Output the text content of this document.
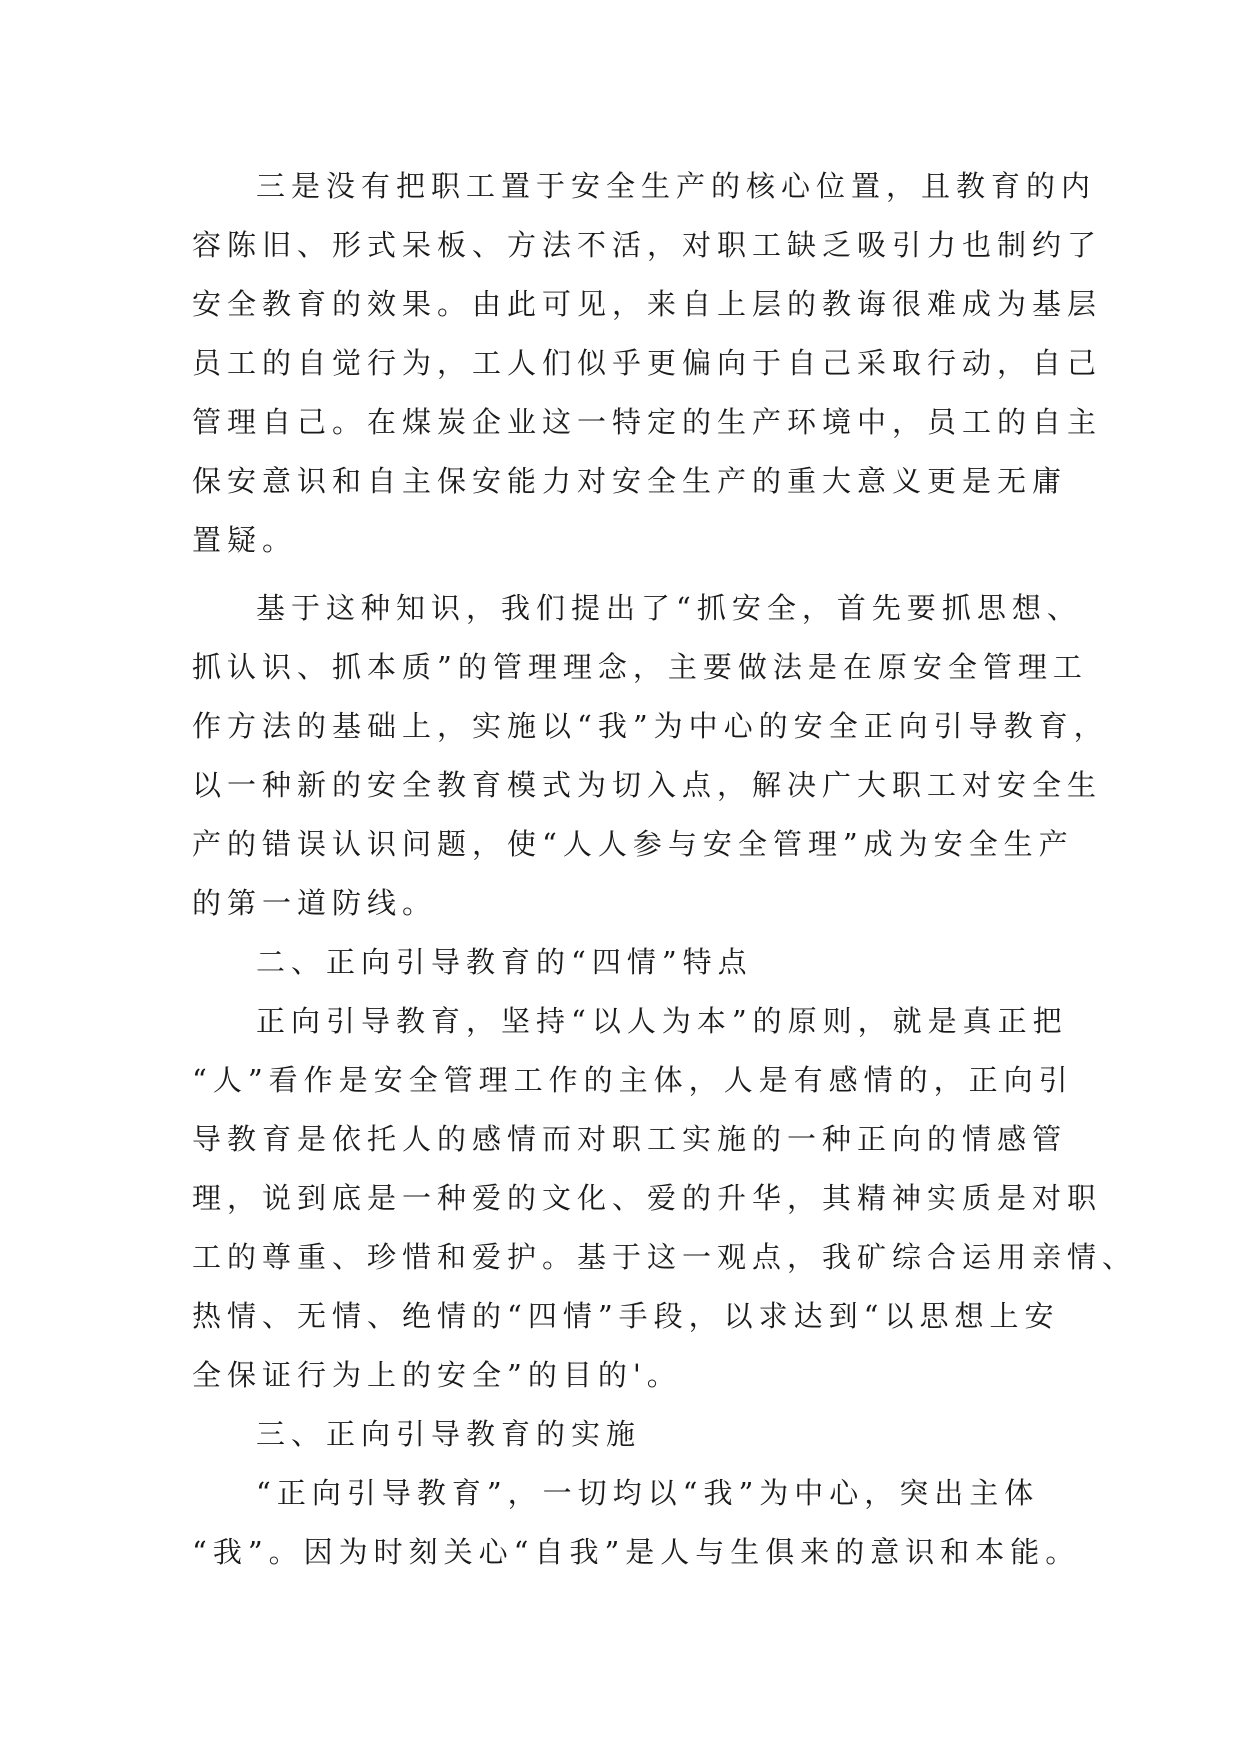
三是没有把职工置于安全生产的核心位置，且教育的内
容陈旧、形式呆板、方法不活，对职工缺乏吸引力也制约了
安全教育的效果。由此可见，来自上层的教诲很难成为基层
员工的自觉行为，工人们似乎更偏向于自己采取行动，自己
管理自己。在煤炭企业这一特定的生产环境中，员工的自主
保安意识和自主保安能力对安全生产的重大意义更是无庸
置疑。
基于这种知识，我们提出了“抓安全，首先要抓思想、
抓认识、抓本质”的管理理念，主要做法是在原安全管理工
作方法的基础上，实施以“我”为中心的安全正向引导教育，
以一种新的安全教育模式为切入点，解决广大职工对安全生
产的错误认识问题，使“人人参与安全管理”成为安全生产
的第一道防线。
二、正向引导教育的“四情”特点
正向引导教育，坚持“以人为本”的原则，就是真正把
“人”看作是安全管理工作的主体，人是有感情的，正向引
导教育是依托人的感情而对职工实施的一种正向的情感管
理，说到底是一种爱的文化、爱的升华，其精神实质是对职
工的尊重、珍惜和爱护。基于这一观点，我矿综合运用亲情、
热情、无情、绝情的“四情”手段，以求达到“以思想上安
全保证行为上的安全”的目的'。
三、正向引导教育的实施
“正向引导教育”，一切均以“我”为中心，突出主体
“我”。因为时刻关心“自我”是人与生俱来的意识和本能。
